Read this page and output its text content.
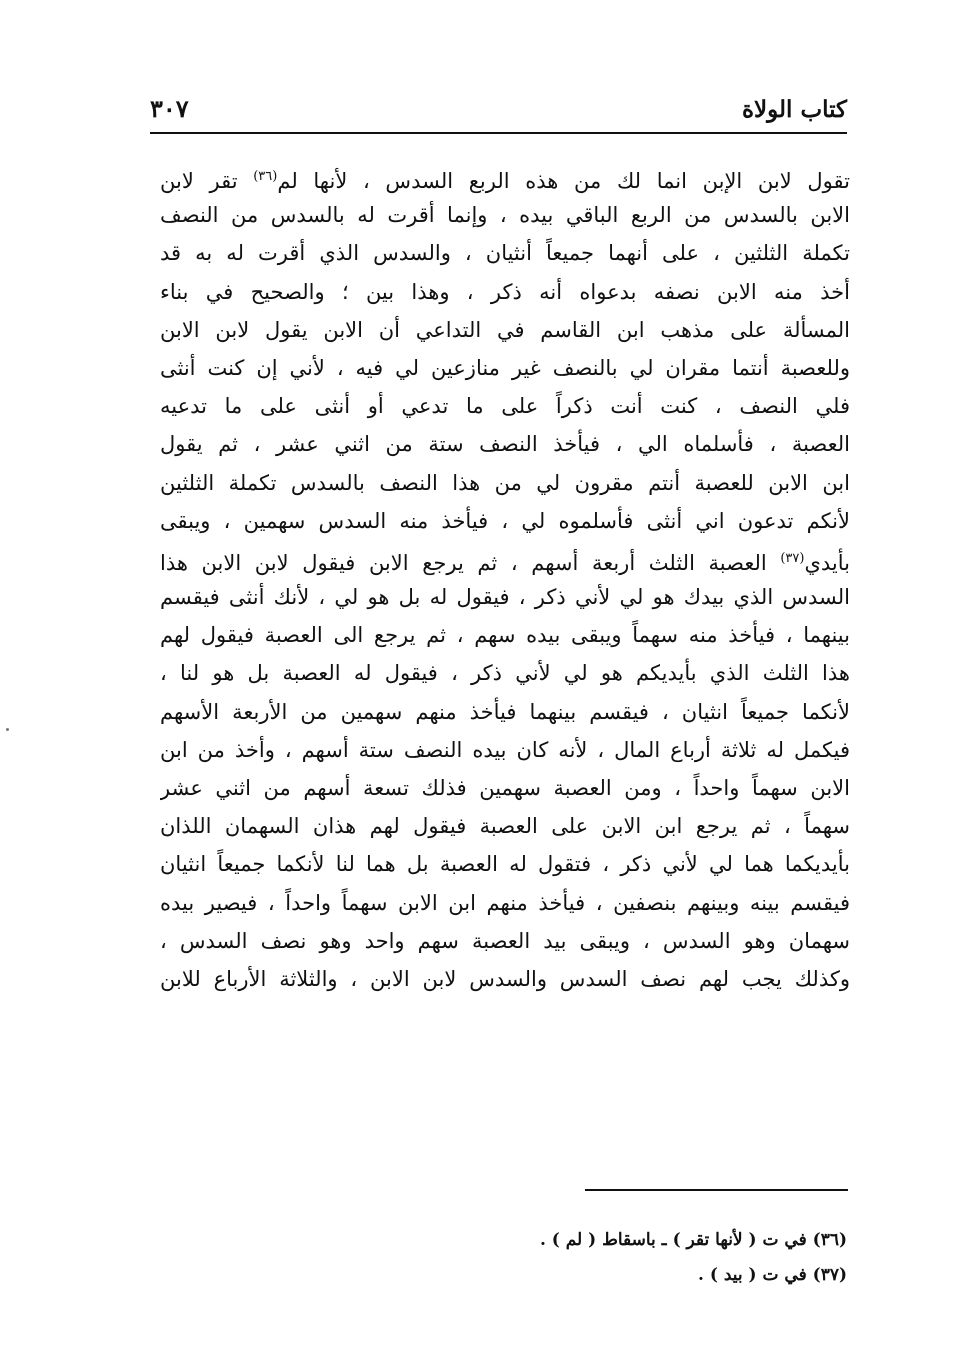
كتاب الولاة
٣٠٧
تقول لابن الإبن انما لك من هذه الربع السدس ، لأنها لم$^{(٣٦)}$ تقر لابن
الابن بالسدس من الربع الباقي بيده ، وإنما أقرت له بالسدس من النصف
تكملة الثلثين ، على أنهما جميعاً أنثيان ، والسدس الذي أقرت له به قد
أخذ منه الابن نصفه بدعواه أنه ذكر ، وهذا بين ؛ والصحيح في بناء
المسألة على مذهب ابن القاسم في التداعي أن الابن يقول لابن الابن
وللعصبة أنتما مقران لي بالنصف غير منازعين لي فيه ، لأني إن كنت أنثى
فلي النصف ، كنت أنت ذكراً على ما تدعي أو أنثى على ما تدعيه
العصبة ، فأسلماه الي ، فيأخذ النصف ستة من اثني عشر ، ثم يقول
ابن الابن للعصبة أنتم مقرون لي من هذا النصف بالسدس تكملة الثلثين
لأنكم تدعون اني أنثى فأسلموه لي ، فيأخذ منه السدس سهمين ، ويبقى
بأيدي$^{(٣٧)}$ العصبة الثلث أربعة أسهم ، ثم يرجع الابن فيقول لابن الابن هذا
السدس الذي بيدك هو لي لأني ذكر ، فيقول له بل هو لي ، لأنك أنثى فيقسم
بينهما ، فيأخذ منه سهماً ويبقى بيده سهم ، ثم يرجع الى العصبة فيقول لهم
هذا الثلث الذي بأيديكم هو لي لأني ذكر ، فيقول له العصبة بل هو لنا ،
لأنكما جميعاً انثيان ، فيقسم بينهما فيأخذ منهم سهمين من الأربعة الأسهم
فيكمل له ثلاثة أرباع المال ، لأنه كان بيده النصف ستة أسهم ، وأخذ من ابن
الابن سهماً واحداً ، ومن العصبة سهمين فذلك تسعة أسهم من اثني عشر
سهماً ، ثم يرجع ابن الابن على العصبة فيقول لهم هذان السهمان اللذان
بأيديكما هما لي لأني ذكر ، فتقول له العصبة بل هما لنا لأنكما جميعاً انثيان
فيقسم بينه وبينهم بنصفين ، فيأخذ منهم ابن الابن سهماً واحداً ، فيصير بيده
سهمان وهو السدس ، ويبقى بيد العصبة سهم واحد وهو نصف السدس ،
وكذلك يجب لهم نصف السدس والسدس لابن الابن ، والثلاثة الأرباع للابن
(٣٦) في ت ( لأنها تقر ) ـ باسقاط ( لم ) .
(٣٧) في ت ( بيد ) .
